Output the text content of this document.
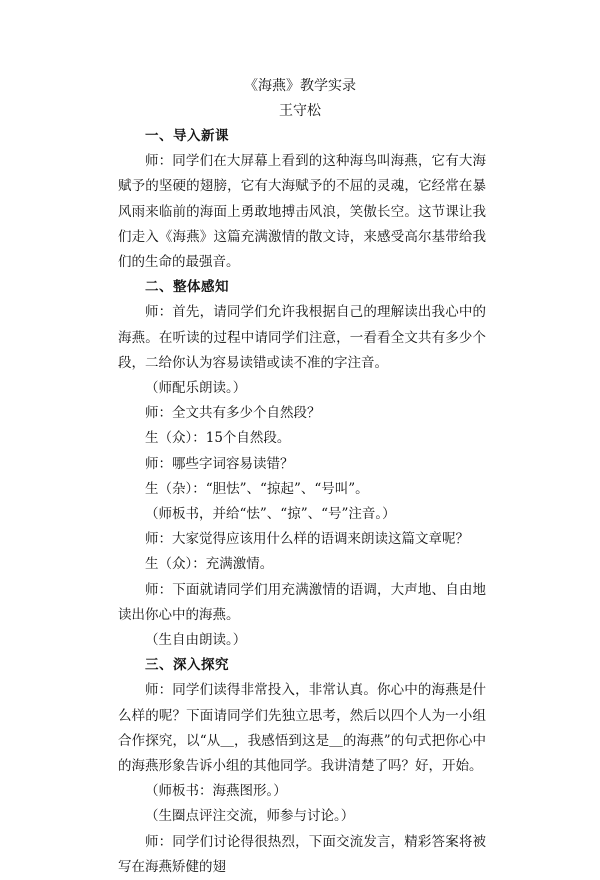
《海燕》教学实录
王守松

一、导入新课

师：同学们在大屏幕上看到的这种海鸟叫海燕，它有大海赋予的坚硬的翅膀，它有大海赋予的不屈的灵魂，它经常在暴风雨来临前的海面上勇敢地搏击风浪，笑傲长空。这节课让我们走入《海燕》这篇充满激情的散文诗，来感受高尔基带给我们的生命的最强音。

二、整体感知

师：首先，请同学们允许我根据自己的理解读出我心中的海燕。在听读的过程中请同学们注意，一看看全文共有多少个段，二给你认为容易读错或读不准的字注音。

（师配乐朗读。）

师：全文共有多少个自然段？

生（众）：15个自然段。

师：哪些字词容易读错？

生（杂）：“胆怯”、“掠起”、“号叫”。

（师板书，并给“怯”、“掠”、“号”注音。）

师：大家觉得应该用什么样的语调来朗读这篇文章呢？

生（众）：充满激情。

师：下面就请同学们用充满激情的语调，大声地、自由地读出你心中的海燕。

（生自由朗读。）

三、深入探究

师：同学们读得非常投入，非常认真。你心中的海燕是什么样的呢？下面请同学们先独立思考，然后以四个人为一小组合作探究，以“从＿，我感悟到这是＿的海燕”的句式把你心中的海燕形象告诉小组的其他同学。我讲清楚了吗？好，开始。

（师板书：海燕图形。）

（生圈点评注交流，师参与讨论。）

师：同学们讨论得很热烈，下面交流发言，精彩答案将被写在海燕矫健的翅
